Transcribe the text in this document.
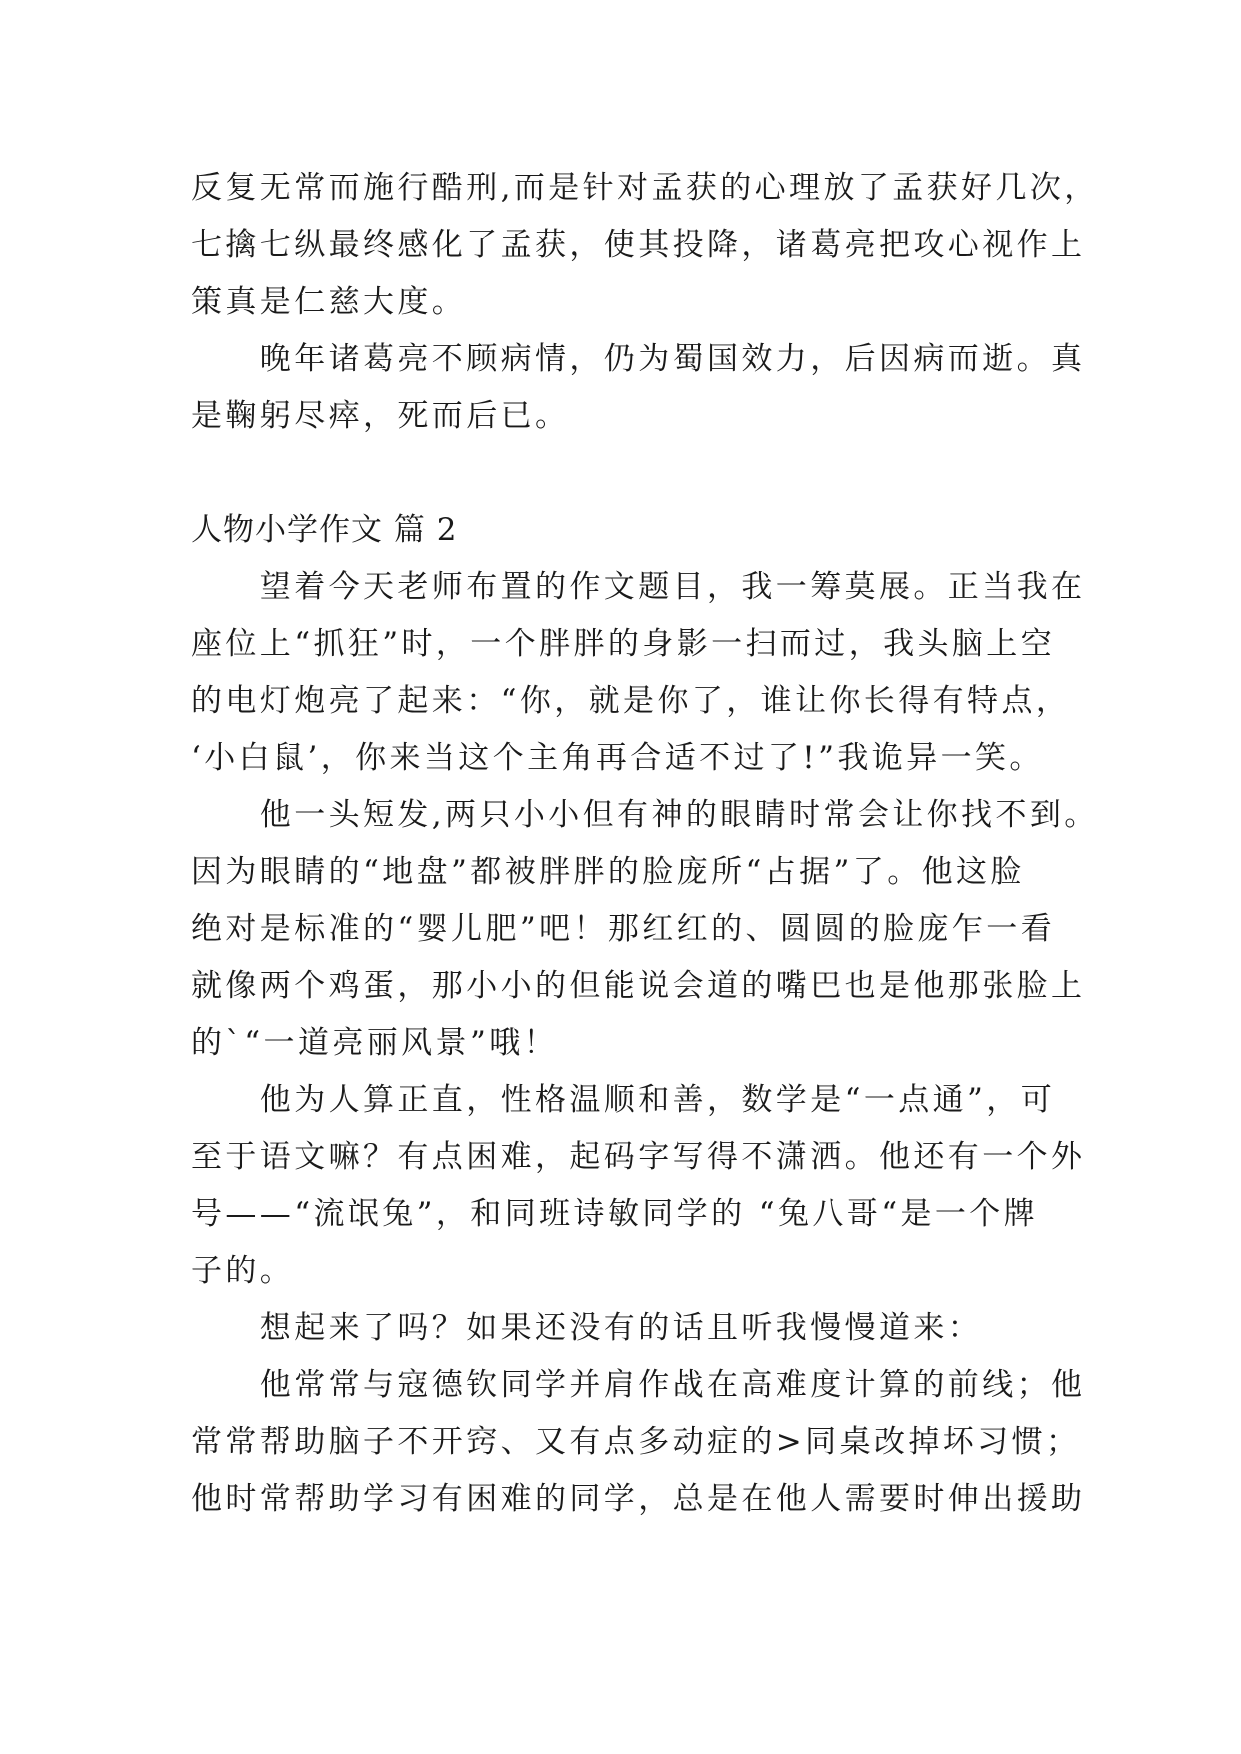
反复无常而施行酷刑,而是针对孟获的心理放了孟获好几次，
七擒七纵最终感化了孟获，使其投降，诸葛亮把攻心视作上
策真是仁慈大度。
　　晚年诸葛亮不顾病情，仍为蜀国效力，后因病而逝。真
是鞠躬尽瘁，死而后已。
人物小学作文 篇 2
　　望着今天老师布置的作文题目，我一筹莫展。正当我在
座位上“抓狂”时，一个胖胖的身影一扫而过，我头脑上空
的电灯炮亮了起来：“你，就是你了，谁让你长得有特点，
‘小白鼠’，你来当这个主角再合适不过了!”我诡异一笑。
　　他一头短发,两只小小但有神的眼睛时常会让你找不到。
因为眼睛的“地盘”都被胖胖的脸庞所“占据”了。他这脸
绝对是标准的“婴儿肥”吧！那红红的、圆圆的脸庞乍一看
就像两个鸡蛋，那小小的但能说会道的嘴巴也是他那张脸上
的`“一道亮丽风景”哦！
　　他为人算正直，性格温顺和善，数学是“一点通”，可
至于语文嘛？有点困难，起码字写得不潇洒。他还有一个外
号——“流氓兔”，和同班诗敏同学的 “兔八哥“是一个牌
子的。
　　想起来了吗？如果还没有的话且听我慢慢道来：
　　他常常与寇德钦同学并肩作战在高难度计算的前线；他
常常帮助脑子不开窍、又有点多动症的>同桌改掉坏习惯；
他时常帮助学习有困难的同学，总是在他人需要时伸出援助
